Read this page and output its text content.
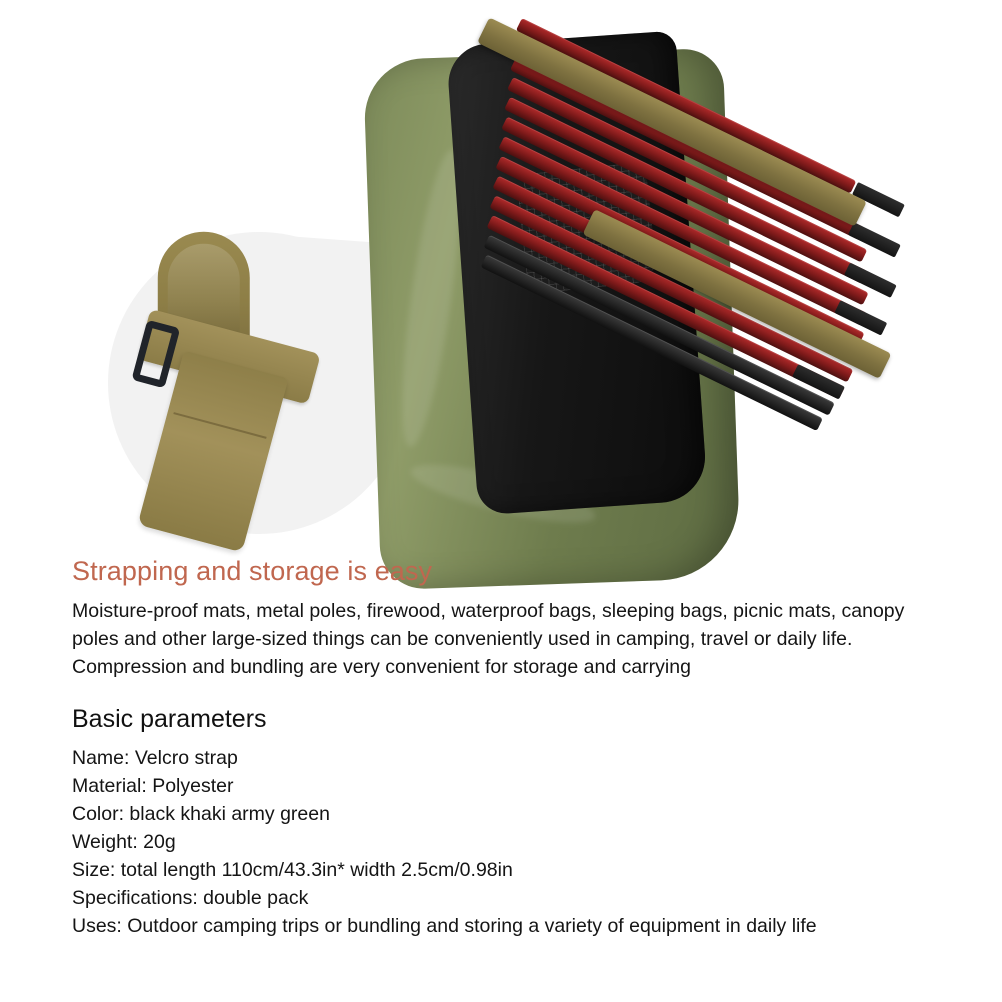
Strapping and storage is easy

Moisture-proof mats, metal poles, firewood, waterproof bags, sleeping bags, picnic mats, canopy poles and other large-sized things can be conveniently used in camping, travel or daily life. Compression and bundling are very convenient for storage and carrying

Basic parameters
Name: Velcro strap
Material: Polyester
Color: black khaki army green
Weight: 20g
Size: total length 110cm/43.3in* width 2.5cm/0.98in
Specifications: double pack
Uses: Outdoor camping trips or bundling and storing a variety of equipment in daily life
